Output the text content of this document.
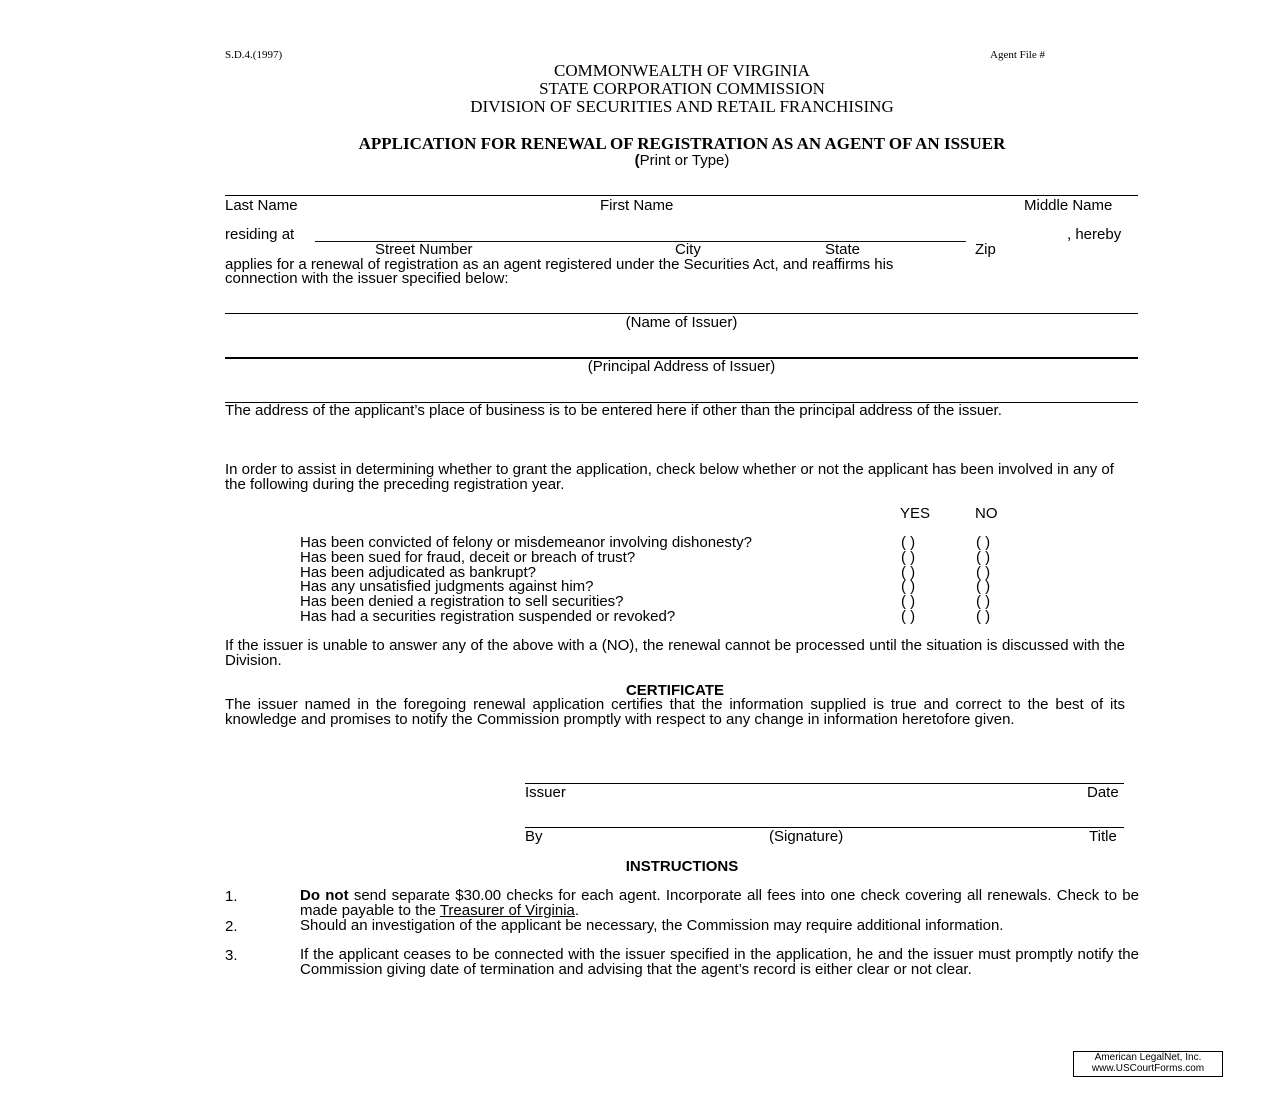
S.D.4.(1997)	Agent File #
COMMONWEALTH OF VIRGINIA
STATE CORPORATION COMMISSION
DIVISION OF SECURITIES AND RETAIL FRANCHISING
APPLICATION FOR RENEWAL OF REGISTRATION AS AN AGENT OF AN ISSUER
(Print or Type)
Last Name	First Name	Middle Name
residing at ______________________________________________________________________________	, hereby
Street Number	City	State	Zip
applies for a renewal of registration as an agent registered under the Securities Act, and reaffirms his
connection with the issuer specified below:
(Name of Issuer)
(Principal Address of Issuer)
The address of the applicant’s place of business is to be entered here if other than the principal address of the issuer.
In order to assist in determining whether to grant the application, check below whether or not the applicant has been involved in any of the following during the preceding registration year.
YES	NO
Has been convicted of felony or misdemeanor involving dishonesty?	( )	( )
Has been sued for fraud, deceit or breach of trust?	( )	( )
Has been adjudicated as bankrupt?	( )	( )
Has any unsatisfied judgments against him?	( )	( )
Has been denied a registration to sell securities?	( )	( )
Has had a securities registration suspended or revoked?	( )	( )
If the issuer is unable to answer any of the above with a (NO), the renewal cannot be processed until the situation is discussed with the Division.
CERTIFICATE
The issuer named in the foregoing renewal application certifies that the information supplied is true and correct to the best of its knowledge and promises to notify the Commission promptly with respect to any change in information heretofore given.
Issuer	Date
By	(Signature)	Title
INSTRUCTIONS
1.	Do not send separate $30.00 checks for each agent. Incorporate all fees into one check covering all renewals. Check to be made payable to the Treasurer of Virginia.
2.	Should an investigation of the applicant be necessary, the Commission may require additional information.
3.	If the applicant ceases to be connected with the issuer specified in the application, he and the issuer must promptly notify the Commission giving date of termination and advising that the agent’s record is either clear or not clear.
American LegalNet, Inc.
www.USCourtForms.com
